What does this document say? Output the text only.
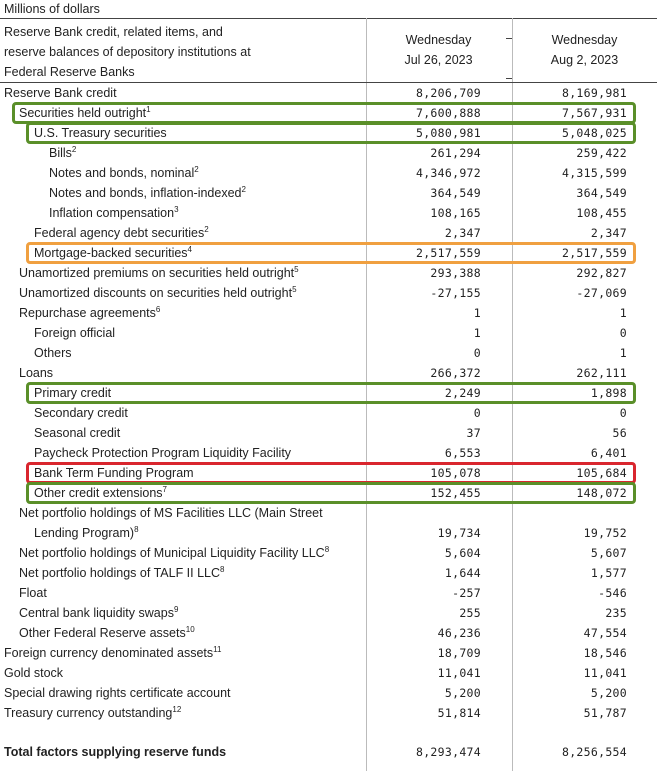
Millions of dollars
Reserve Bank credit, related items, and
reserve balances of depository institutions at
Federal Reserve Banks
Wednesday
Jul 26, 2023
Wednesday
Aug 2, 2023
Reserve Bank credit	8,206,709	8,169,981
Securities held outright$^1$	7,600,888	7,567,931
U.S. Treasury securities	5,080,981	5,048,025
Bills$^2$	261,294	259,422
Notes and bonds, nominal$^2$	4,346,972	4,315,599
Notes and bonds, inflation-indexed$^2$	364,549	364,549
Inflation compensation$^3$	108,165	108,455
Federal agency debt securities$^2$	2,347	2,347
Mortgage-backed securities$^4$	2,517,559	2,517,559
Unamortized premiums on securities held outright$^5$	293,388	292,827
Unamortized discounts on securities held outright$^5$	-27,155	-27,069
Repurchase agreements$^6$	1	1
Foreign official	1	0
Others	0	1
Loans	266,372	262,111
Primary credit	2,249	1,898
Secondary credit	0	0
Seasonal credit	37	56
Paycheck Protection Program Liquidity Facility	6,553	6,401
Bank Term Funding Program	105,078	105,684
Other credit extensions$^7$	152,455	148,072
Net portfolio holdings of MS Facilities LLC (Main Street
Lending Program)$^8$	19,734	19,752
Net portfolio holdings of Municipal Liquidity Facility LLC$^8$	5,604	5,607
Net portfolio holdings of TALF II LLC$^8$	1,644	1,577
Float	-257	-546
Central bank liquidity swaps$^9$	255	235
Other Federal Reserve assets$^{10}$	46,236	47,554
Foreign currency denominated assets$^{11}$	18,709	18,546
Gold stock	11,041	11,041
Special drawing rights certificate account	5,200	5,200
Treasury currency outstanding$^{12}$	51,814	51,787
Total factors supplying reserve funds	8,293,474	8,256,554
